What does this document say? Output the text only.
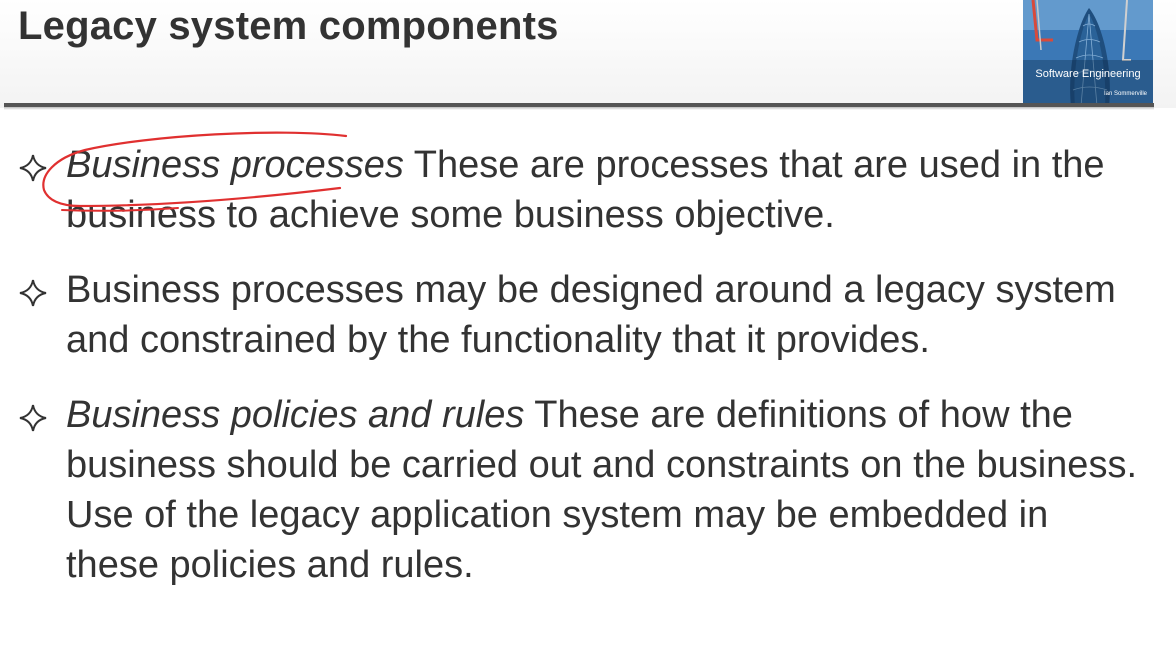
Legacy system components
Software Engineering
Ian Sommerville
Business processes These are processes that are used in the business to achieve some business objective.
Business processes may be designed around a legacy system and constrained by the functionality that it provides.
Business policies and rules These are definitions of how the business should be carried out and constraints on the business. Use of the legacy application system may be embedded in these policies and rules.
